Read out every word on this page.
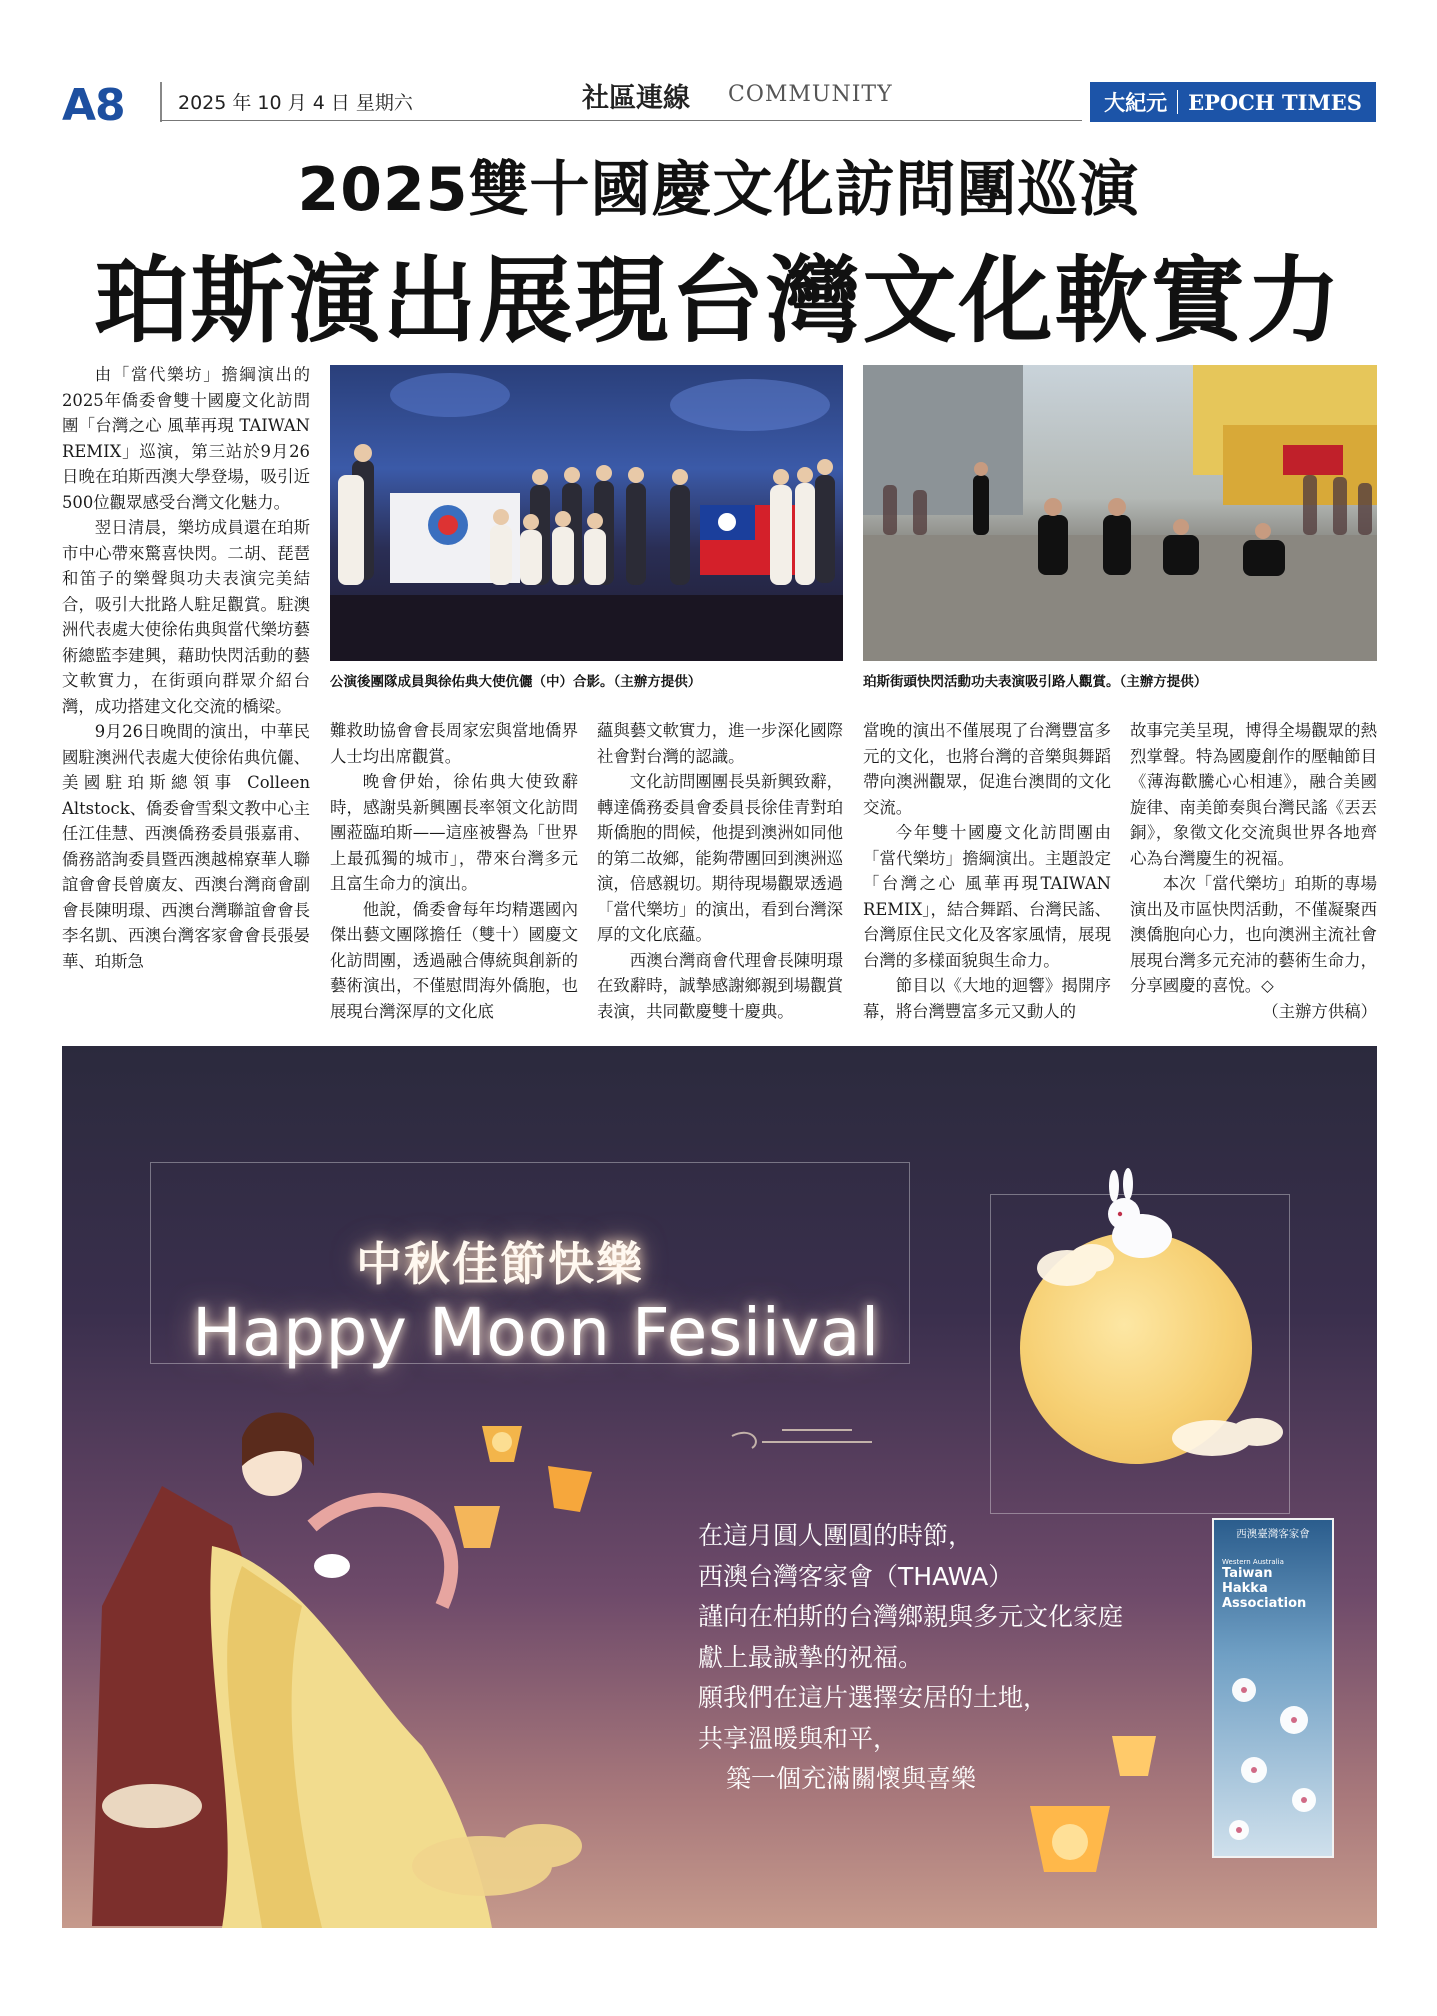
A8	2025 年 10 月 4 日 星期六	社區連線 COMMUNITY	大紀元 EPOCH TIMES
2025雙十國慶文化訪問團巡演
珀斯演出展現台灣文化軟實力

由「當代樂坊」擔綱演出的2025年僑委會雙十國慶文化訪問團「台灣之心 風華再現 TAIWAN REMIX」巡演，第三站於9月26日晚在珀斯西澳大學登場，吸引近500位觀眾感受台灣文化魅力。

翌日清晨，樂坊成員還在珀斯市中心帶來驚喜快閃。二胡、琵琶和笛子的樂聲與功夫表演完美結合，吸引大批路人駐足觀賞。駐澳洲代表處大使徐佑典與當代樂坊藝術總監李建興，藉助快閃活動的藝文軟實力，在街頭向群眾介紹台灣，成功搭建文化交流的橋梁。

9月26日晚間的演出，中華民國駐澳洲代表處大使徐佑典伉儷、美國駐珀斯總領事 Colleen Altstock、僑委會雪梨文教中心主任江佳慧、西澳僑務委員張嘉甫、僑務諮詢委員暨西澳越棉寮華人聯誼會會長曾廣友、西澳台灣商會副會長陳明璟、西澳台灣聯誼會會長李名凱、西澳台灣客家會會長張晏華、珀斯急

公演後團隊成員與徐佑典大使伉儷（中）合影。（主辦方提供）	珀斯街頭快閃活動功夫表演吸引路人觀賞。（主辦方提供）

難救助協會會長周家宏與當地僑界人士均出席觀賞。

晚會伊始，徐佑典大使致辭時，感謝吳新興團長率領文化訪問團蒞臨珀斯——這座被譽為「世界上最孤獨的城市」，帶來台灣多元且富生命力的演出。

他說，僑委會每年均精選國內傑出藝文團隊擔任（雙十）國慶文化訪問團，透過融合傳統與創新的藝術演出，不僅慰問海外僑胞，也展現台灣深厚的文化底

蘊與藝文軟實力，進一步深化國際社會對台灣的認識。

文化訪問團團長吳新興致辭，轉達僑務委員會委員長徐佳青對珀斯僑胞的問候，他提到澳洲如同他的第二故鄉，能夠帶團回到澳洲巡演，倍感親切。期待現場觀眾透過「當代樂坊」的演出，看到台灣深厚的文化底蘊。

西澳台灣商會代理會長陳明璟在致辭時，誠摯感謝鄉親到場觀賞表演，共同歡慶雙十慶典。

當晚的演出不僅展現了台灣豐富多元的文化，也將台灣的音樂與舞蹈帶向澳洲觀眾，促進台澳間的文化交流。

今年雙十國慶文化訪問團由「當代樂坊」擔綱演出。主題設定「台灣之心 風華再現TAIWAN REMIX」，結合舞蹈、台灣民謠、台灣原住民文化及客家風情，展現台灣的多樣面貌與生命力。

節目以《大地的迴響》揭開序幕，將台灣豐富多元又動人的

故事完美呈現，博得全場觀眾的熱烈掌聲。特為國慶創作的壓軸節目《薄海歡騰心心相連》，融合美國旋律、南美節奏與台灣民謠《丟丟銅》，象徵文化交流與世界各地齊心為台灣慶生的祝福。

本次「當代樂坊」珀斯的專場演出及市區快閃活動，不僅凝聚西澳僑胞向心力，也向澳洲主流社會展現台灣多元充沛的藝術生命力，分享國慶的喜悅。◇

（主辦方供稿）

中秋佳節快樂
Happy Moon Fesiival
在這月圓人團圓的時節，
西澳台灣客家會（THAWA）
謹向在柏斯的台灣鄉親與多元文化家庭
獻上最誠摯的祝福。
願我們在這片選擇安居的土地，
共享溫暖與和平，
築一個充滿關懷與喜樂
西澳臺灣客家會
Western Australia
Taiwan
Hakka
Association
